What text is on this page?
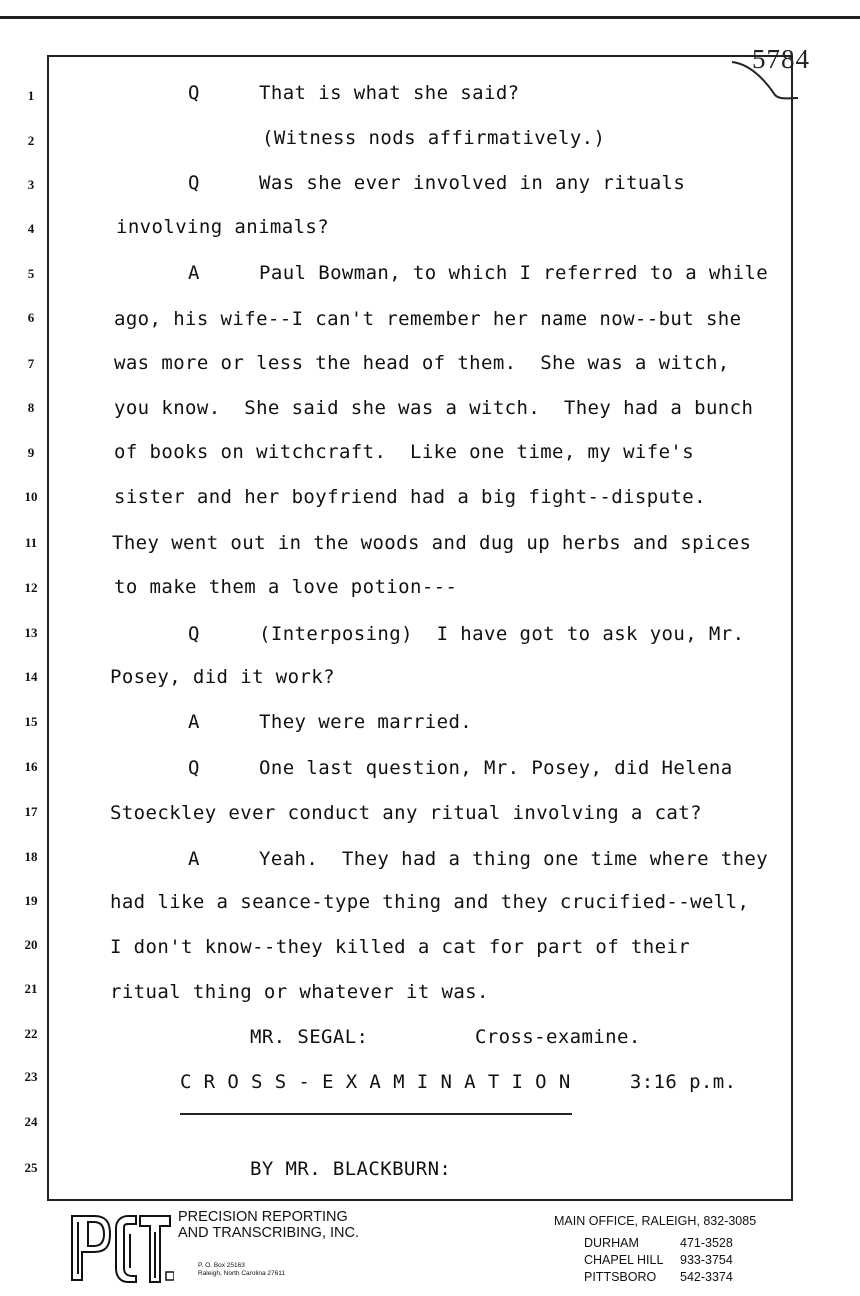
5784
1
2
3
4
5
6
7
8
9
10
11
12
13
14
15
16
17
18
19
20
21
22
23
24
25
Q     That is what she said?
(Witness nods affirmatively.)
Q     Was she ever involved in any rituals
involving animals?
A     Paul Bowman, to which I referred to a while
ago, his wife--I can't remember her name now--but she
was more or less the head of them.  She was a witch,
you know.  She said she was a witch.  They had a bunch
of books on witchcraft.  Like one time, my wife's
sister and her boyfriend had a big fight--dispute.
They went out in the woods and dug up herbs and spices
to make them a love potion---
Q     (Interposing)  I have got to ask you, Mr.
Posey, did it work?
A     They were married.
Q     One last question, Mr. Posey, did Helena
Stoeckley ever conduct any ritual involving a cat?
A     Yeah.  They had a thing one time where they
had like a seance-type thing and they crucified--well,
I don't know--they killed a cat for part of their
ritual thing or whatever it was.
MR. SEGAL:         Cross-examine.
C R O S S - E X A M I N A T I O N     3:16 p.m.
BY MR. BLACKBURN:
PRECISION REPORTING
AND TRANSCRIBING, INC.
P. O. Box 25163
Raleigh, North Carolina 27611
MAIN OFFICE, RALEIGH, 832-3085
DURHAM	471-3528
CHAPEL HILL 933-3754
PITTSBORO 542-3374
